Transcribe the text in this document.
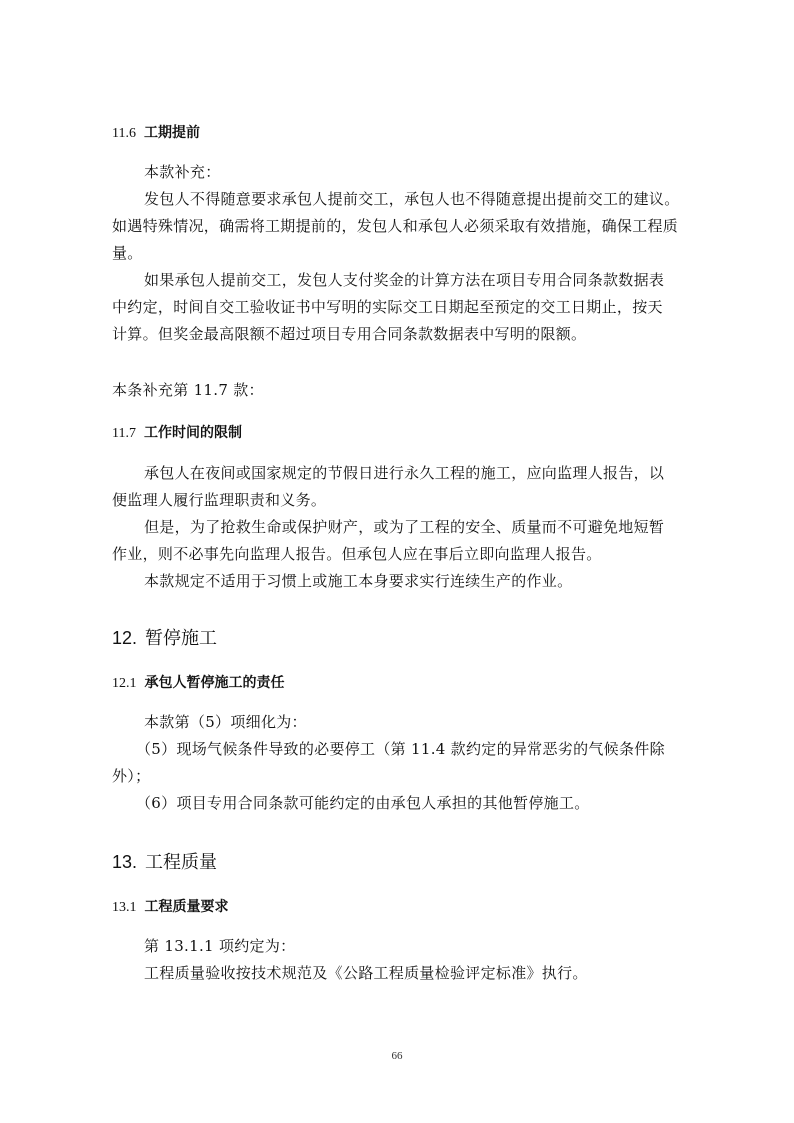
11.6 工期提前
本款补充：
发包人不得随意要求承包人提前交工，承包人也不得随意提出提前交工的建议。
如遇特殊情况，确需将工期提前的，发包人和承包人必须采取有效措施，确保工程质
量。
如果承包人提前交工，发包人支付奖金的计算方法在项目专用合同条款数据表
中约定，时间自交工验收证书中写明的实际交工日期起至预定的交工日期止，按天
计算。但奖金最高限额不超过项目专用合同条款数据表中写明的限额。
本条补充第 11.7 款：
11.7 工作时间的限制
承包人在夜间或国家规定的节假日进行永久工程的施工，应向监理人报告，以
便监理人履行监理职责和义务。
但是，为了抢救生命或保护财产，或为了工程的安全、质量而不可避免地短暂
作业，则不必事先向监理人报告。但承包人应在事后立即向监理人报告。
本款规定不适用于习惯上或施工本身要求实行连续生产的作业。
12. 暂停施工
12.1 承包人暂停施工的责任
本款第（5）项细化为：
（5）现场气候条件导致的必要停工（第 11.4 款约定的异常恶劣的气候条件除
外）；
（6）项目专用合同条款可能约定的由承包人承担的其他暂停施工。
13. 工程质量
13.1 工程质量要求
第 13.1.1 项约定为：
工程质量验收按技术规范及《公路工程质量检验评定标准》执行。
66
